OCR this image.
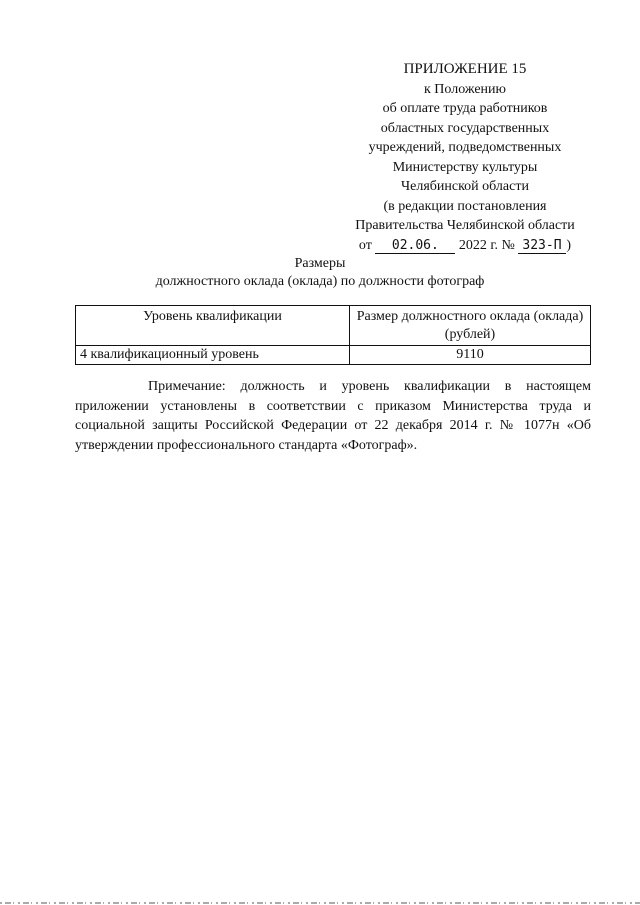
ПРИЛОЖЕНИЕ 15
к Положению
об оплате труда работников
областных государственных
учреждений, подведомственных
Министерству культуры
Челябинской области
(в редакции постановления
Правительства Челябинской области
от 02.06. 2022 г. № 323-П )
Размеры
должностного оклада (оклада) по должности фотограф
Уровень квалификации	Размер должностного оклада (оклада) (рублей)
4 квалификационный уровень	9110
Примечание: должность и уровень квалификации в настоящем приложении установлены в соответствии с приказом Министерства труда и социальной защиты Российской Федерации от 22 декабря 2014 г. № 1077н «Об утверждении профессионального стандарта «Фотограф».
